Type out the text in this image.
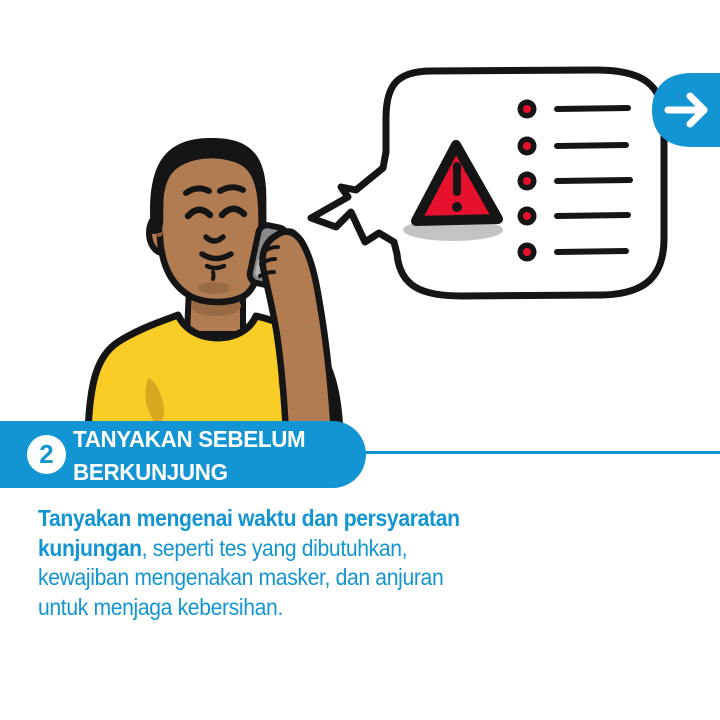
2 TANYAKAN SEBELUM
BERKUNJUNG
Tanyakan mengenai waktu dan persyaratan
kunjungan, seperti tes yang dibutuhkan,
kewajiban mengenakan masker, dan anjuran
untuk menjaga kebersihan.
